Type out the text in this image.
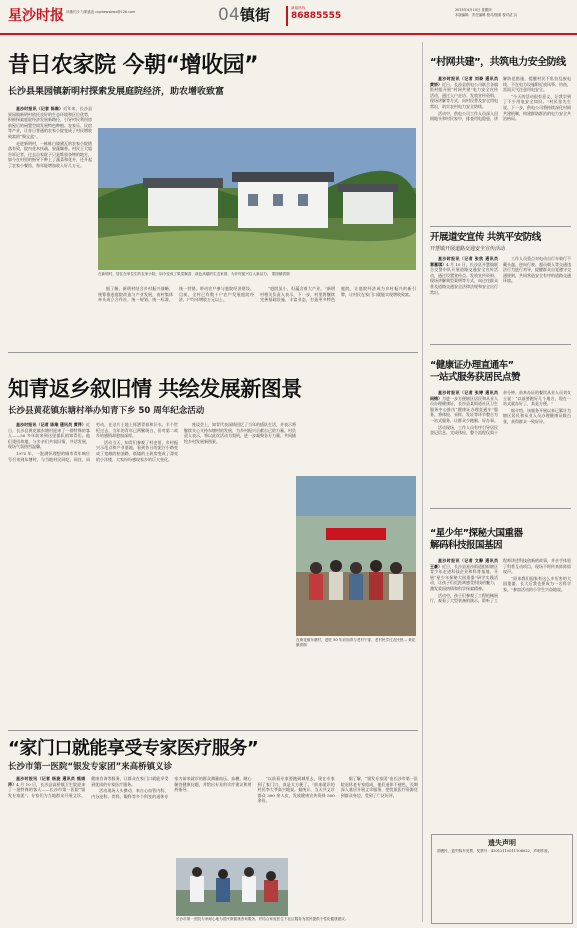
星沙时报 读懂长沙 与繁盛追 cnpbewsbwv@126.com	04 镇街	新闻热线
86885555
2025年4月10日 星期四
本版编辑：责任编辑 校对/版面 校对/汇兵
昔日农家院 今朝“增收园”
长沙县果园镇新明村探索发展庭院经济，助农增收致富

星沙时报讯（记者 陈维）近年来，长沙县果园镇新明村依托良好的生态环境和区位优势，积极探索庭院经济发展新路径，引导村民利用房前屋后的闲置空间发展特色种植、农家乐、民宿等产业，让昔日普通的农家小院变成了村民增收致富的“聚宝盆”。

走进新明村，一栋栋白墙黛瓦的农家小院错落有致，院内花木扶疏、果蔬飘香。村民王大姐告诉记者，过去自家院子只是堆放杂物的地方，如今在村里的指导下种上了蔬菜和花卉，还开起了农家小餐馆，每年能增加收入好几万元。

据了解，新明村结合乡村振兴战略，统筹推进庭院改造与产业发展，由村集体牵头成立合作社，统一规划、统一标准、统一营销，带动农户参与庭院经济建设。目前，全村已有数十户农户发展庭院经济，户均年增收万元以上。

“庭院虽小，但蕴含着大产业。”新明村相关负责人表示，下一步，村里将继续完善基础设施，丰富业态，打造更多特色庭院，让庭院经济成为乡村振兴的新引擎，让村民在家门口就能实现增收致富。

在新明村，居住在单位生的农家小院，如今变成了果菜飘香、绿色高端的生态家园，为乡村振兴注入新活力。 果园镇供图
知青返乡叙旧情 共绘发展新图景
长沙县黄花镇东塘村举办知青下乡 50 周年纪念活动

星沙时报讯（记者 陈维 通讯员 黄萍）近日，长沙县黄花镇东塘村迎来了一群特殊的客人——50 多年前来到这里插队的知青们。他们重回故地，与乡亲们共叙旧情，共话发展，现场气氛热烈温馨。

1975 年，一批满怀理想的城市青年响应号召来到东塘村，与当地村民同吃、同住、同劳动，在这片土地上挥洒青春和汗水。半个世纪过去，当年的青年已两鬓斑白，但对第二故乡的感情却愈加深厚。

活动当天，知青们参观了村史馆、乡村振兴示范点和产业基地，看到昔日的泥泞小路变成了宽敞的柏油路，低矮的土砖房变成了漂亮的小洋楼，大家纷纷感叹家乡的巨大变化。

座谈会上，知青代表深情回忆了当年的插队生活，并表示将继续关心支持东塘村的发展，为乡村振兴贡献自己的力量。村负责人表示，将以此次活动为契机，进一步凝聚各方力量，共同描绘乡村发展新图景。

在黄花镇东塘村，进驻 50 年前知青与老村干部，老村民学过农民热… 黄花镇供图
“家门口就能享受专家医疗服务”
长沙市第一医院“银发专家团”来高桥镇义诊

星沙时报讯（记者 杨旋 通讯员 熊娟萍）4 月 10 日，长沙县高桥镇卫生院迎来了一批特殊的客人——长沙市第一医院“银发专家团”。专家们为当地群众开展义诊、健康咨询等服务，让群众在家门口就能享受到优质的专家医疗服务。

活动现场人头攒动，来自心血管内科、内分泌科、骨科、眼科等多个科室的退休专家为前来就诊的群众测量血压、血糖，耐心解答健康问题，并给出专业的诊疗建议和用药指导。

“以前看专家要跑到城里去，现在专家到了家门口，真是太方便了。”前来就诊的村民李大爷高兴地说。据统计，当天共义诊群众 300 余人次，发放健康宣传资料 500 余份。

据了解，“银发专家团”由长沙市第一医院退休老专家组成，他们退休不褪色，长期深入基层开展义诊服务，把优质医疗资源送到群众身边，受到了广泛好评。

长沙市第一医院专家耐心地为居民做健康咨询服务，并结合家庭医生下社区服务为居民提供个性化健康建议。
“村网共建”，共筑电力安全防线

星沙时报讯（记者 刘泰 通讯员 黄娇）近日，长沙县供电公司联合各镇街村组开展“村网共建”电力安全宣传活动，通过入户走访、发放宣传资料、现场讲解等方式，向村民普及安全用电常识，筑牢农村电力安全防线。

活动中，供电公司工作人员深入田间地头和村民家中，排查用电隐患，讲解防范措施，提醒村民不私拉乱接电线、不在电力设施附近放风筝、钓鱼，雷雨天气注意用电安全。

“今天的活动很有意义，让我学到了不少用电安全知识。”村民张先生说。下一步，供电公司将持续深化村网共建机制，构建群防群治的电力安全共治格局。

开展道安宣传 共筑平安防线
开慧镇开展道路交通安全宣传活动

星沙时报讯（记者 张欣 通讯员 章嘉琪）4 月 10 日，长沙县开慧镇联合交警中队开展道路交通安全宣传活动，通过设置宣传点、发放宣传资料、现场讲解典型案例等方式，向过往群众普及道路交通安全法律法规和安全出行常识。

工作人员重点对电动自行车骑行不戴头盔、逆向行驶、超员载人等交通违法行为进行劝导，提醒群众自觉遵守交通规则，共同营造安全有序的道路交通环境。

“健康证办理直通车”
一站式服务获居民点赞

星沙时报讯（记者 张婷 通讯员 闲锦）为进一步方便辖区居民和从业人员办理健康证，长沙县某街道社区卫生服务中心推出“健康证办理直通车”服务，将体检、采样、发证等环节整合为一站式服务，让群众少跑腿、好办事。

活动现场，工作人员有序引导居民登记信息、完成体检，整个流程仅需十余分钟。前来办证的餐饮从业人员刘女士说：“以前要跑好几个地方，现在一站式就办好了，真是方便。”

据介绍，该服务开展以来已累计为辖区居民和从业人员办理健康证数百张，获得群众一致好评。

“星少年”探秘大国重器
解码科技报国基因

星沙时报讯（记者 文静 通讯员 王豪）近日，长沙县星沙街道组织辖区青少年走进科技企业和科普基地，开展“星少年探秘大国重器”研学实践活动，让孩子们近距离感受科技的魅力，激发爱国热情和科学探索精神。

活动中，孩子们参观了工程机械展厅，观看了大型装备的演示，聆听了工程师讲述科技创新的故事，并亲手体验了科普互动项目，现场不时传来阵阵惊叹声。

“原来我们国家有这么多厉害的大国重器，长大后我也要成为一名科学家。”参加活动的小学生兴奋地说。

遗失声明
胡俊民，遗失购车发票，发票号：43012110511106022，声明作废。
